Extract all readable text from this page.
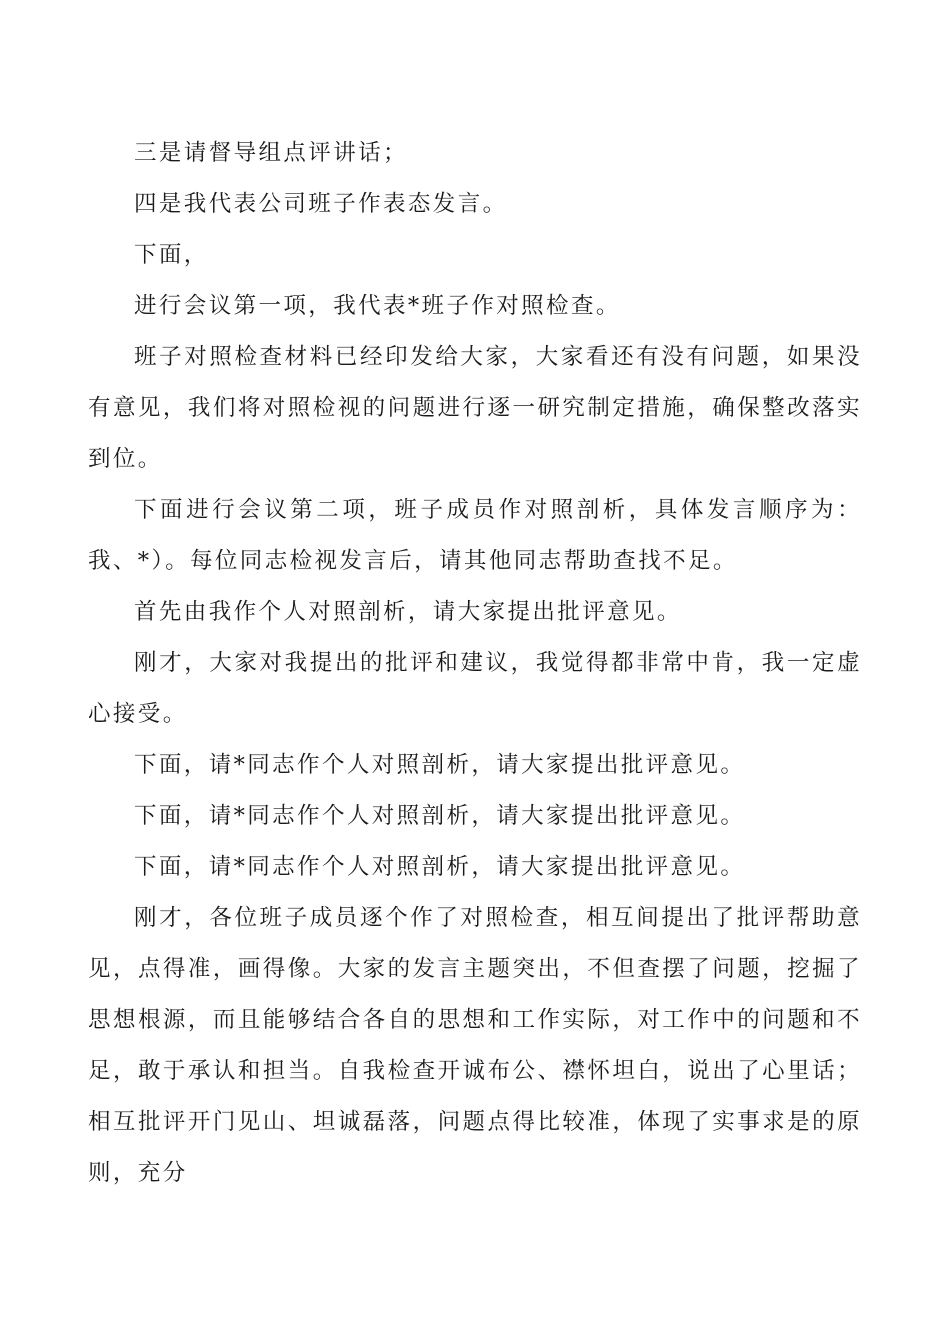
三是请督导组点评讲话；

四是我代表公司班子作表态发言。

下面，

进行会议第一项，我代表*班子作对照检查。

班子对照检查材料已经印发给大家，大家看还有没有问题，如果没有意见，我们将对照检视的问题进行逐一研究制定措施，确保整改落实到位。

下面进行会议第二项，班子成员作对照剖析，具体发言顺序为：我、*）。每位同志检视发言后，请其他同志帮助查找不足。

首先由我作个人对照剖析，请大家提出批评意见。

刚才，大家对我提出的批评和建议，我觉得都非常中肯，我一定虚心接受。

下面，请*同志作个人对照剖析，请大家提出批评意见。

下面，请*同志作个人对照剖析，请大家提出批评意见。

下面，请*同志作个人对照剖析，请大家提出批评意见。

刚才，各位班子成员逐个作了对照检查，相互间提出了批评帮助意见，点得准，画得像。大家的发言主题突出，不但查摆了问题，挖掘了思想根源，而且能够结合各自的思想和工作实际，对工作中的问题和不足，敢于承认和担当。自我检查开诚布公、襟怀坦白，说出了心里话；相互批评开门见山、坦诚磊落，问题点得比较准，体现了实事求是的原则，充分
